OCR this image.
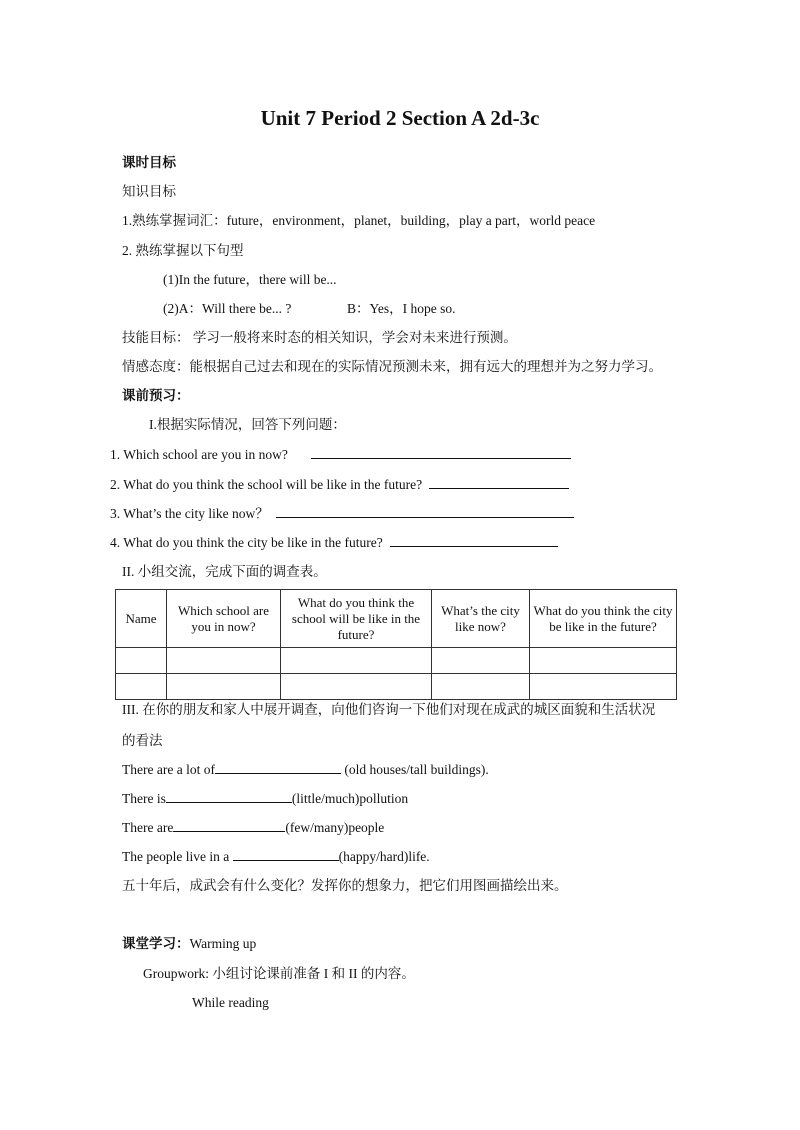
Unit 7 Period 2 Section A 2d-3c
课时目标
知识目标
1.熟练掌握词汇：future，environment，planet，building，play a part，world peace
2. 熟练掌握以下句型
(1)In the future，there will be...
(2)A：Will there be... ?	B：Yes，I hope so.
技能目标： 学习一般将来时态的相关知识，学会对未来进行预测。
情感态度：能根据自己过去和现在的实际情况预测未来，拥有远大的理想并为之努力学习。
课前预习：
I.根据实际情况，回答下列问题：
1. Which school are you in now?
2. What do you think the school will be like in the future?
3. What’s the city like now？
4. What do you think the city be like in the future?
II. 小组交流，完成下面的调查表。
Name	Which school are you in now?	What do you think the school will be like in the future?	What’s the city like now?	What do you think the city be like in the future?

III. 在你的朋友和家人中展开调查，向他们咨询一下他们对现在成武的城区面貌和生活状况
的看法
There are a lot of	(old houses/tall buildings).
There is	(little/much)pollution
There are	(few/many)people
The people live in a	(happy/hard)life.
五十年后，成武会有什么变化？发挥你的想象力，把它们用图画描绘出来。
课堂学习：Warming up
Groupwork: 小组讨论课前准备 I 和 II 的内容。
While reading
